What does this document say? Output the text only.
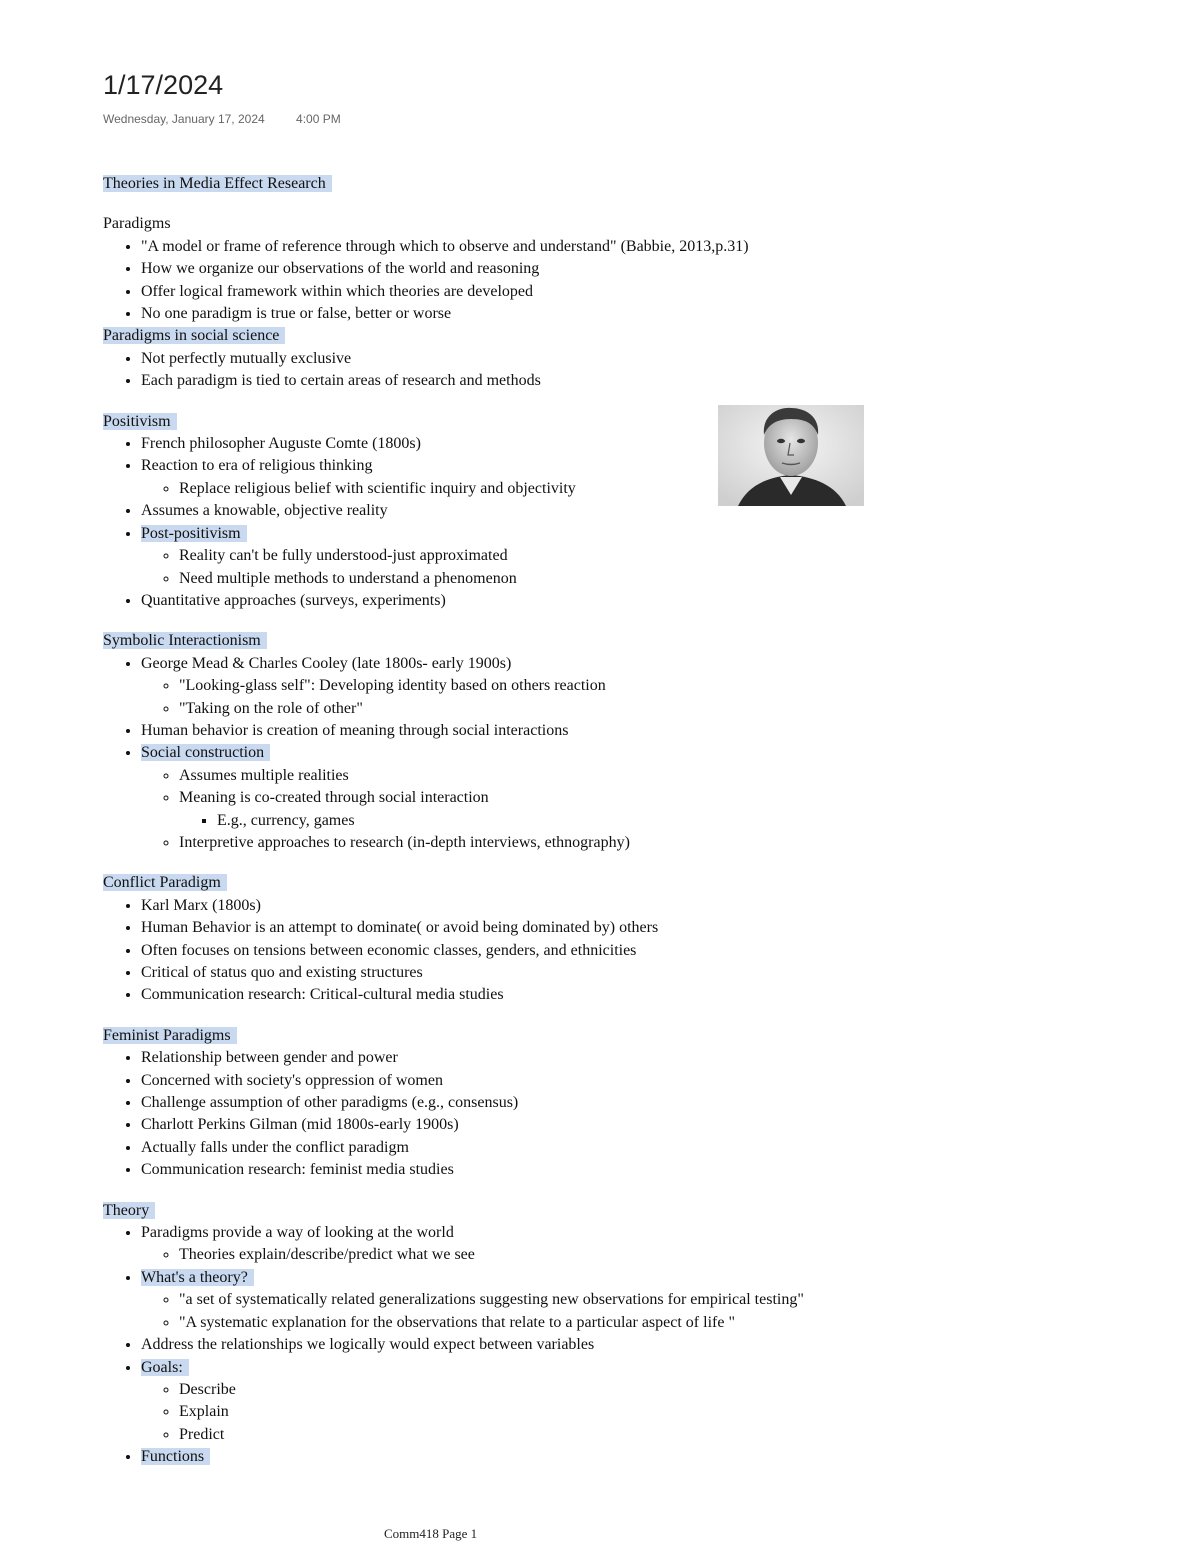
1/17/2024
Wednesday, January 17, 2024	4:00 PM

Theories in Media Effect Research

Paradigms

• "A model or frame of reference through which to observe and understand" (Babbie, 2013,p.31)
• How we organize our observations of the world and reasoning
• Offer logical framework within which theories are developed
• No one paradigm is true or false, better or worse

Paradigms in social science

• Not perfectly mutually exclusive
• Each paradigm is tied to certain areas of research and methods

Positivism

• French philosopher Auguste Comte (1800s)
• Reaction to era of religious thinking
◦ Replace religious belief with scientific inquiry and objectivity
• Assumes a knowable, objective reality
• Post-positivism
◦ Reality can't be fully understood-just approximated
◦ Need multiple methods to understand a phenomenon
• Quantitative approaches (surveys, experiments)

Symbolic Interactionism

• George Mead & Charles Cooley (late 1800s- early 1900s)
◦ "Looking-glass self": Developing identity based on others reaction
◦ "Taking on the role of other"
• Human behavior is creation of meaning through social interactions
• Social construction
◦ Assumes multiple realities
◦ Meaning is co-created through social interaction
▪ E.g., currency, games
◦ Interpretive approaches to research (in-depth interviews, ethnography)

Conflict Paradigm

• Karl Marx (1800s)
• Human Behavior is an attempt to dominate( or avoid being dominated by) others
• Often focuses on tensions between economic classes, genders, and ethnicities
• Critical of status quo and existing structures
• Communication research: Critical-cultural media studies

Feminist Paradigms

• Relationship between gender and power
• Concerned with society's oppression of women
• Challenge assumption of other paradigms (e.g., consensus)
• Charlott Perkins Gilman (mid 1800s-early 1900s)
• Actually falls under the conflict paradigm
• Communication research: feminist media studies

Theory

• Paradigms provide a way of looking at the world
◦ Theories explain/describe/predict what we see
• What's a theory?
◦ "a set of systematically related generalizations suggesting new observations for empirical testing"
◦ "A systematic explanation for the observations that relate to a particular aspect of life "
• Address the relationships we logically would expect between variables
• Goals:
◦ Describe
◦ Explain
◦ Predict
• Functions
Comm418 Page 1
